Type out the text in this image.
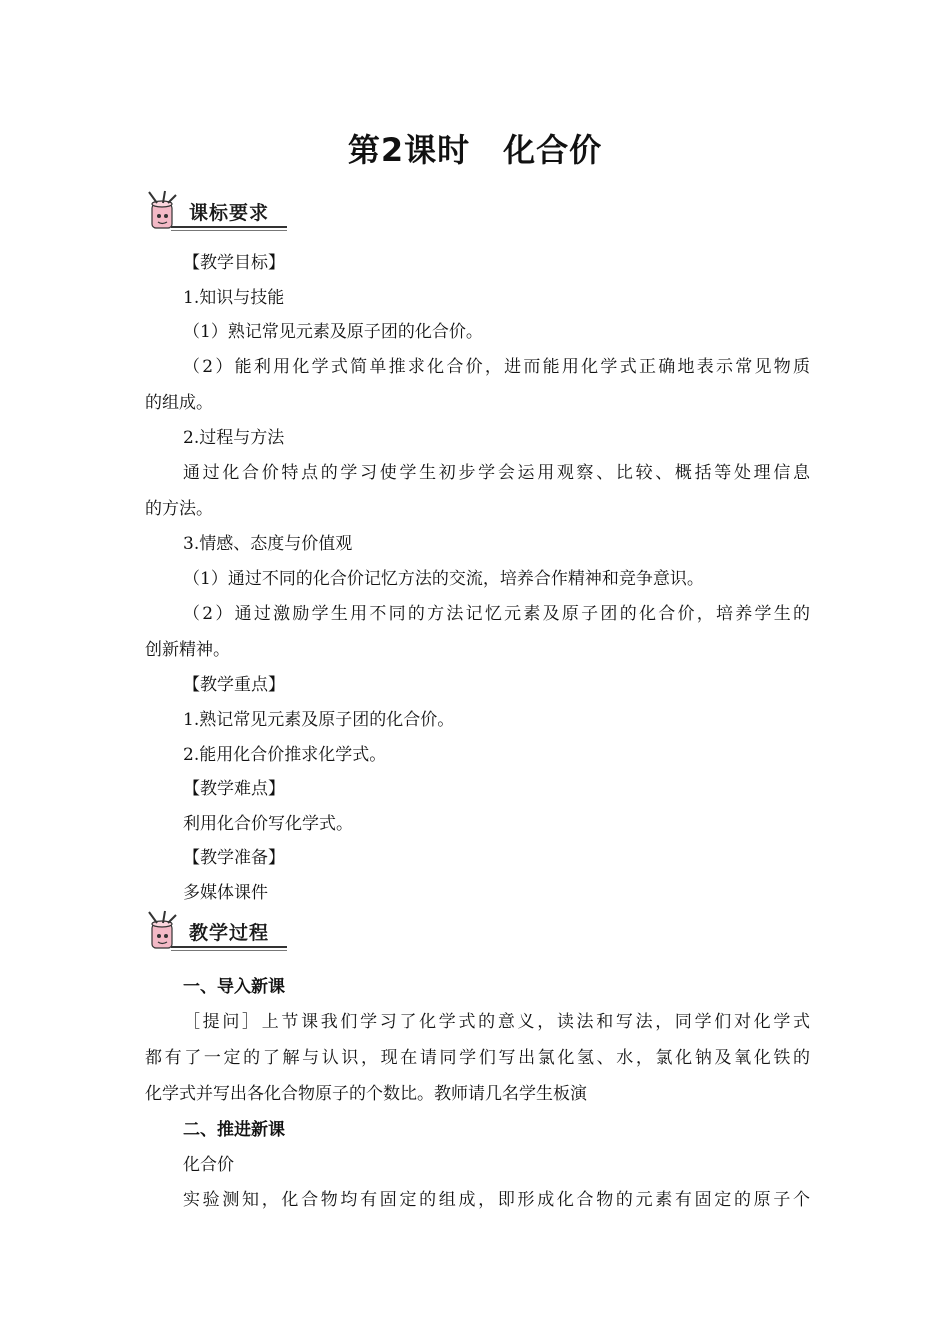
第2课时　化合价
课标要求
【教学目标】
1.知识与技能
（1）熟记常见元素及原子团的化合价。
（2）能利用化学式简单推求化合价，进而能用化学式正确地表示常见物质
的组成。
2.过程与方法
通过化合价特点的学习使学生初步学会运用观察、比较、概括等处理信息
的方法。
3.情感、态度与价值观
（1）通过不同的化合价记忆方法的交流，培养合作精神和竞争意识。
（2）通过激励学生用不同的方法记忆元素及原子团的化合价，培养学生的
创新精神。
【教学重点】
1.熟记常见元素及原子团的化合价。
2.能用化合价推求化学式。
【教学难点】
利用化合价写化学式。
【教学准备】
多媒体课件
教学过程
一、导入新课
［提问］上节课我们学习了化学式的意义，读法和写法，同学们对化学式
都有了一定的了解与认识，现在请同学们写出氯化氢、水，氯化钠及氧化铁的
化学式并写出各化合物原子的个数比。教师请几名学生板演
二、推进新课
化合价
实验测知，化合物均有固定的组成，即形成化合物的元素有固定的原子个
